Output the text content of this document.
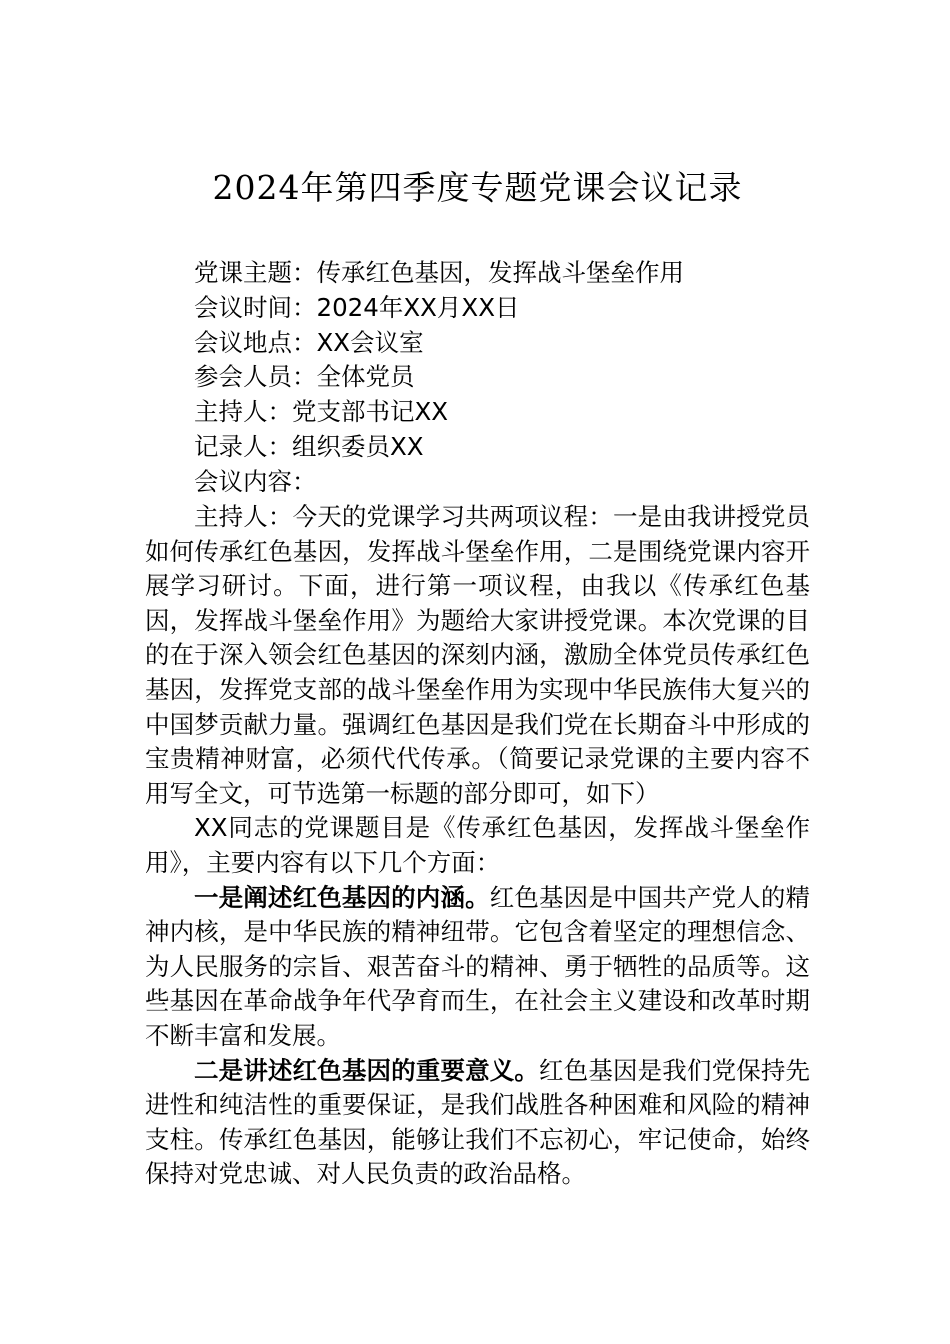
2024年第四季度专题党课会议记录
党课主题：传承红色基因，发挥战斗堡垒作用
会议时间：2024年XX月XX日
会议地点：XX会议室
参会人员：全体党员
主持人：党支部书记XX
记录人：组织委员XX
会议内容：

主持人：今天的党课学习共两项议程：一是由我讲授党员如何传承红色基因，发挥战斗堡垒作用，二是围绕党课内容开展学习研讨。下面，进行第一项议程，由我以《传承红色基因，发挥战斗堡垒作用》为题给大家讲授党课。本次党课的目的在于深入领会红色基因的深刻内涵，激励全体党员传承红色基因，发挥党支部的战斗堡垒作用为实现中华民族伟大复兴的中国梦贡献力量。强调红色基因是我们党在长期奋斗中形成的宝贵精神财富，必须代代传承。（简要记录党课的主要内容不用写全文，可节选第一标题的部分即可，如下）

XX同志的党课题目是《传承红色基因，发挥战斗堡垒作用》，主要内容有以下几个方面：

一是阐述红色基因的内涵。红色基因是中国共产党人的精神内核，是中华民族的精神纽带。它包含着坚定的理想信念、为人民服务的宗旨、艰苦奋斗的精神、勇于牺牲的品质等。这些基因在革命战争年代孕育而生，在社会主义建设和改革时期不断丰富和发展。

二是讲述红色基因的重要意义。红色基因是我们党保持先进性和纯洁性的重要保证，是我们战胜各种困难和风险的精神支柱。传承红色基因，能够让我们不忘初心，牢记使命，始终保持对党忠诚、对人民负责的政治品格。
